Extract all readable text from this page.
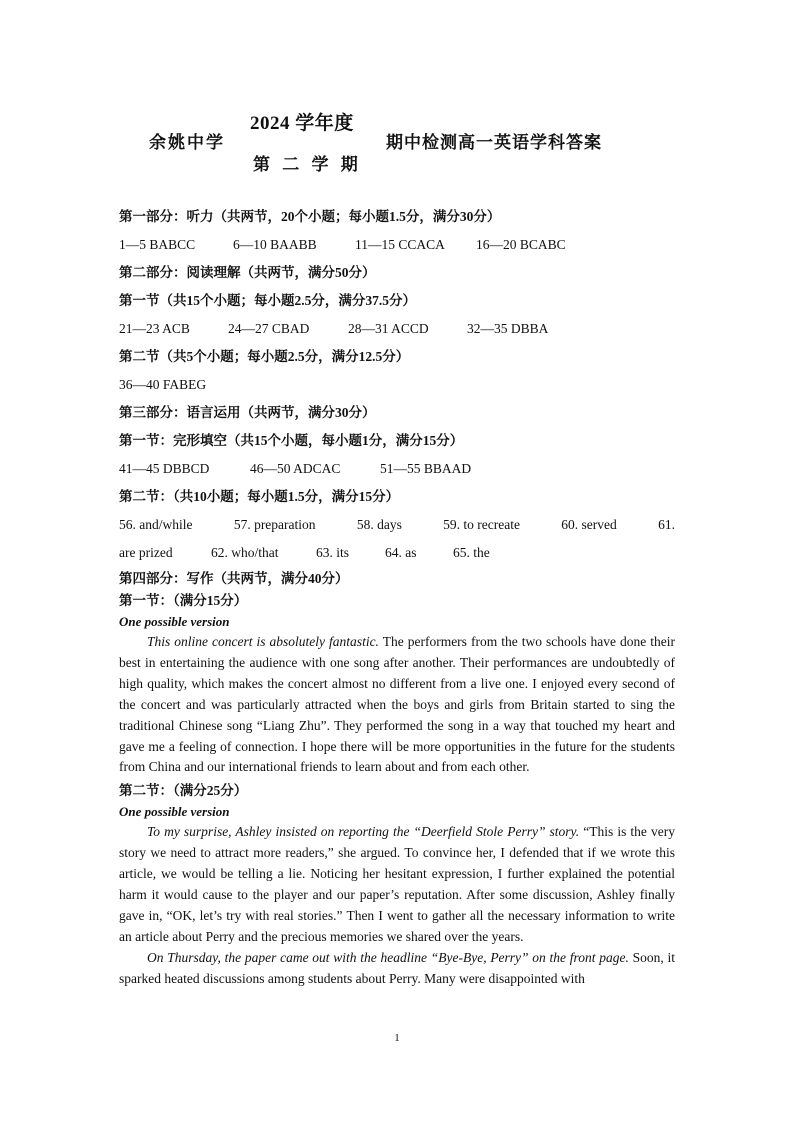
2024 学年度
余姚中学
第 二 学 期
期中检测高一英语学科答案
第一部分：听力（共两节，20个小题；每小题1.5分，满分30分）
1—5 BABCC	6—10 BAABB	11—15 CCACA 16—20 BCABC
第二部分：阅读理解（共两节，满分50分）
第一节（共15个小题；每小题2.5分，满分37.5分）
21—23 ACB	24—27 CBAD	28—31 ACCD	32—35 DBBA
第二节（共5个小题；每小题2.5分，满分12.5分）
36—40 FABEG
第三部分：语言运用（共两节，满分30分）
第一节：完形填空（共15个小题，每小题1分，满分15分）
41—45 DBBCD	46—50 ADCAC	51—55 BBAAD
第二节：（共10小题；每小题1.5分，满分15分）
56. and/while	57. preparation	58. days	59. to recreate	60. served	61.
are prized	62. who/that	63. its	64. as	65. the
第四部分：写作（共两节，满分40分）
第一节：（满分15分）
One possible version

This online concert is absolutely fantastic. The performers from the two schools have done their best in entertaining the audience with one song after another. Their performances are undoubtedly of high quality, which makes the concert almost no different from a live one. I enjoyed every second of the concert and was particularly attracted when the boys and girls from Britain started to sing the traditional Chinese song “Liang Zhu”. They performed the song in a way that touched my heart and gave me a feeling of connection. I hope there will be more opportunities in the future for the students from China and our international friends to learn about and from each other.

第二节：（满分25分）
One possible version

To my surprise, Ashley insisted on reporting the “Deerfield Stole Perry” story. “This is the very story we need to attract more readers,” she argued. To convince her, I defended that if we wrote this article, we would be telling a lie. Noticing her hesitant expression, I further explained the potential harm it would cause to the player and our paper’s reputation. After some discussion, Ashley finally gave in, “OK, let’s try with real stories.” Then I went to gather all the necessary information to write an article about Perry and the precious memories we shared over the years.

On Thursday, the paper came out with the headline “Bye-Bye, Perry” on the front page. Soon, it sparked heated discussions among students about Perry. Many were disappointed with

1
